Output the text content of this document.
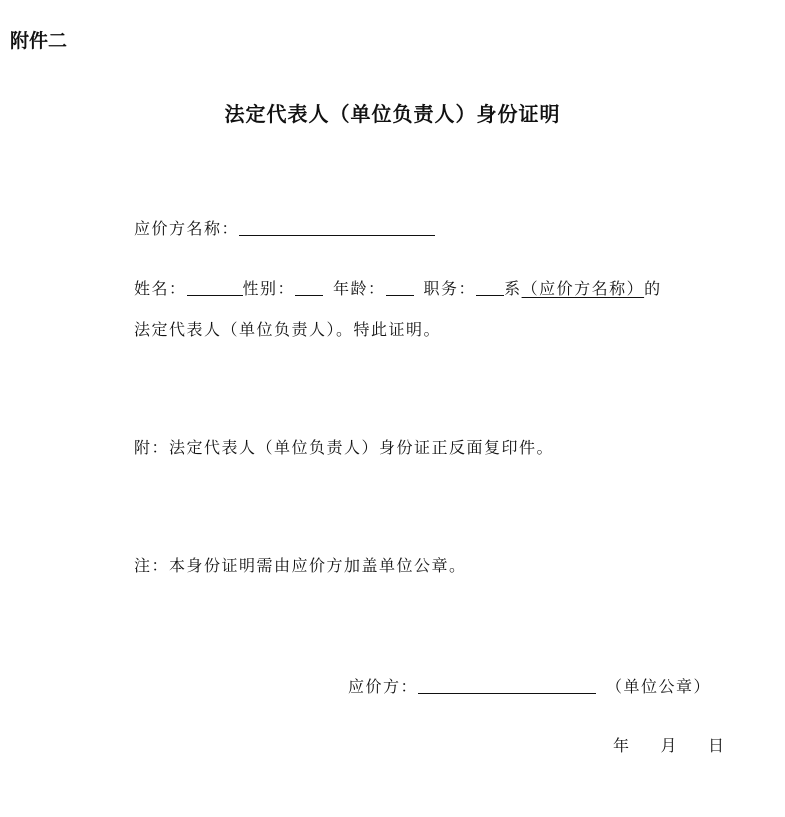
附件二
法定代表人（单位负责人）身份证明
应价方名称：
姓名：	性别： 年龄： 职务： 系 （应价方名称） 的
法定代表人（单位负责人）。特此证明。
附：法定代表人（单位负责人）身份证正反面复印件。
注：本身份证明需由应价方加盖单位公章。
应价方：	（单位公章）
年 月 日
